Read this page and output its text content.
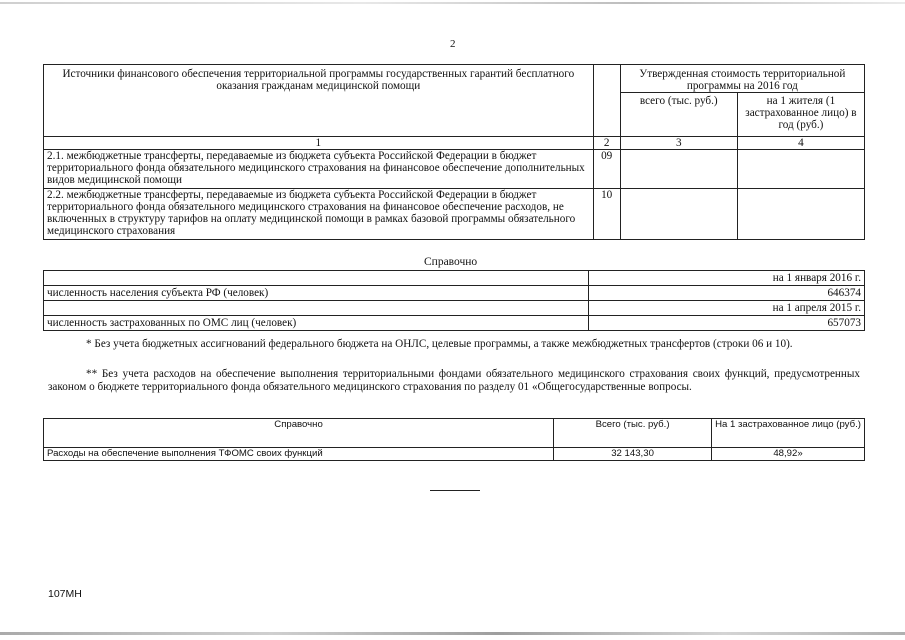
2
Источники финансового обеспечения территориальной программы государственных гарантий бесплатного оказания гражданам медицинской помощи		Утвержденная стоимость территориальной программы на 2016 год	
		всего (тыс. руб.)	на 1 жителя (1 застрахованное лицо) в год (руб.)
1	2	3	4
2.1. межбюджетные трансферты, передаваемые из бюджета субъекта Российской Федерации в бюджет территориального фонда обязательного медицинского страхования на финансовое обеспечение дополнительных видов медицинской помощи	09		
2.2. межбюджетные трансферты, передаваемые из бюджета субъекта Российской Федерации в бюджет территориального фонда обязательного медицинского страхования на финансовое обеспечение расходов, не включенных в структуру тарифов на оплату медицинской помощи в рамках базовой программы обязательного медицинского страхования	10		
Справочно
	на 1 января 2016 г.
численность населения субъекта РФ (человек)	646374
	на 1 апреля 2015 г.
численность застрахованных по ОМС лиц (человек)	657073
* Без учета бюджетных ассигнований федерального бюджета на ОНЛС, целевые программы, а также межбюджетных трансфертов (строки 06 и 10).
** Без учета расходов на обеспечение выполнения территориальными фондами обязательного медицинского страхования своих функций, предусмотренных законом о бюджете территориального фонда обязательного медицинского страхования по разделу 01 «Общегосударственные вопросы.
Справочно	Всего (тыс. руб.)	На 1 застрахованное лицо (руб.)
Расходы на обеспечение выполнения ТФОМС своих функций	32 143,30	48,92»
107МН
